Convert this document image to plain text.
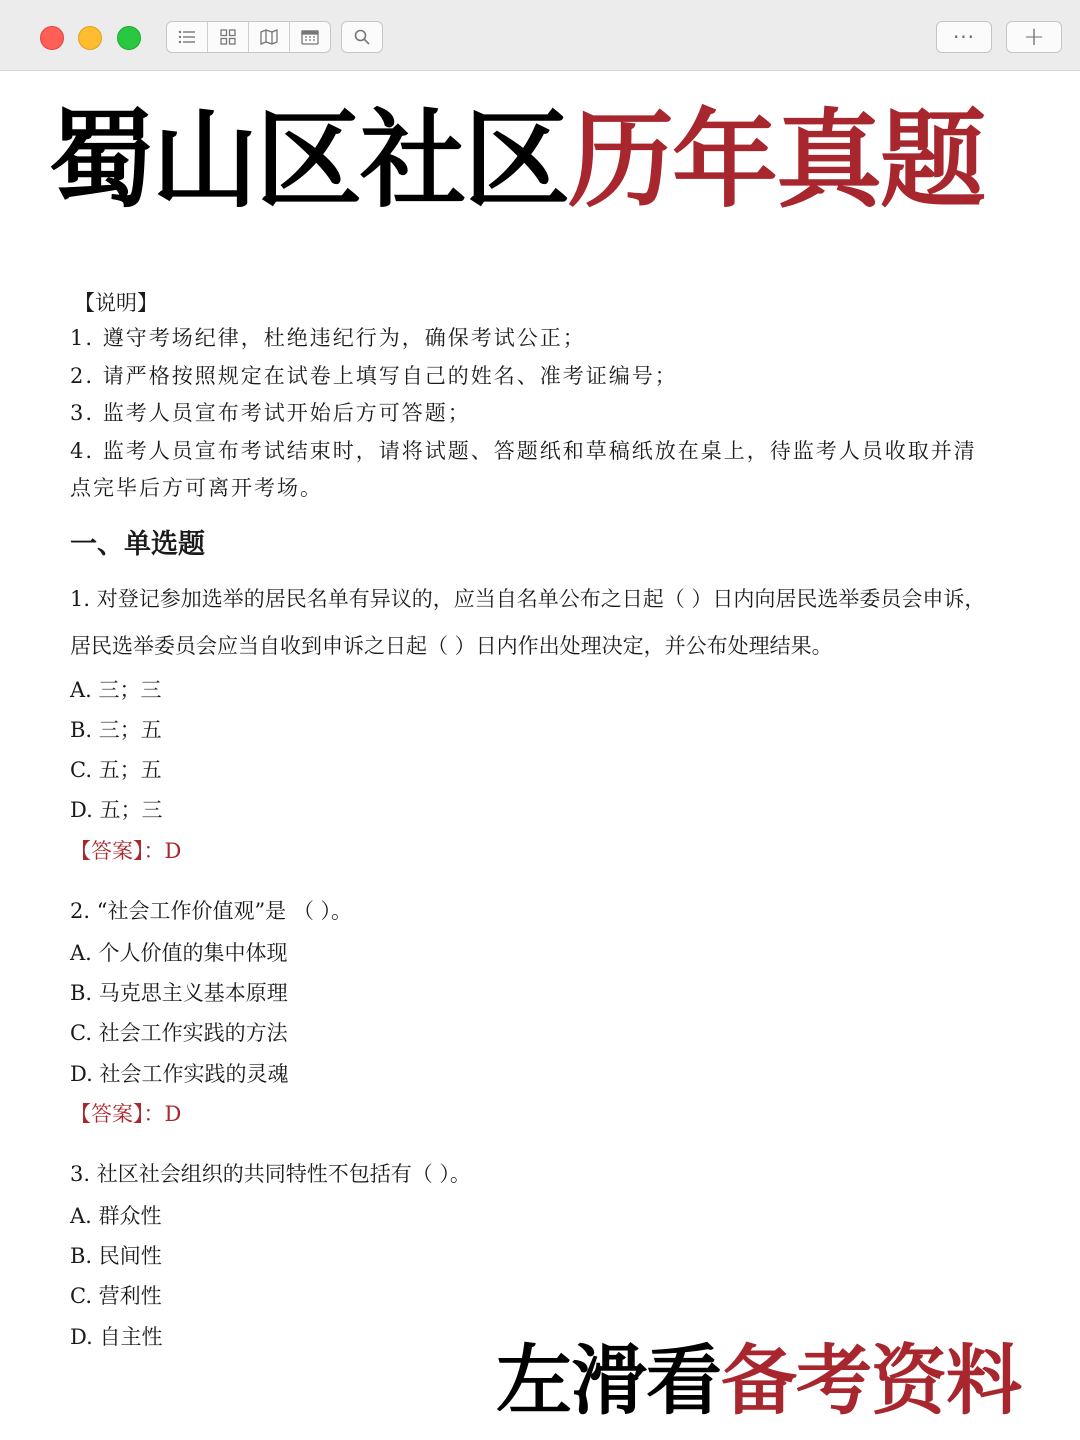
···	+
蜀山区社区历年真题
【说明】
1. 遵守考场纪律，杜绝违纪行为，确保考试公正；
2. 请严格按照规定在试卷上填写自己的姓名、准考证编号；
3. 监考人员宣布考试开始后方可答题；
4. 监考人员宣布考试结束时，请将试题、答题纸和草稿纸放在桌上，待监考人员收取并清点完毕后方可离开考场。
一、单选题
1. 对登记参加选举的居民名单有异议的，应当自名单公布之日起（ ）日内向居民选举委员会申诉，居民选举委员会应当自收到申诉之日起（ ）日内作出处理决定，并公布处理结果。
A. 三；三
B. 三；五
C. 五；五
D. 五；三
【答案】：D
2. “社会工作价值观”是 （ ）。
A. 个人价值的集中体现
B. 马克思主义基本原理
C. 社会工作实践的方法
D. 社会工作实践的灵魂
【答案】：D
3. 社区社会组织的共同特性不包括有（ ）。
A. 群众性
B. 民间性
C. 营利性
D. 自主性	左滑看备考资料
